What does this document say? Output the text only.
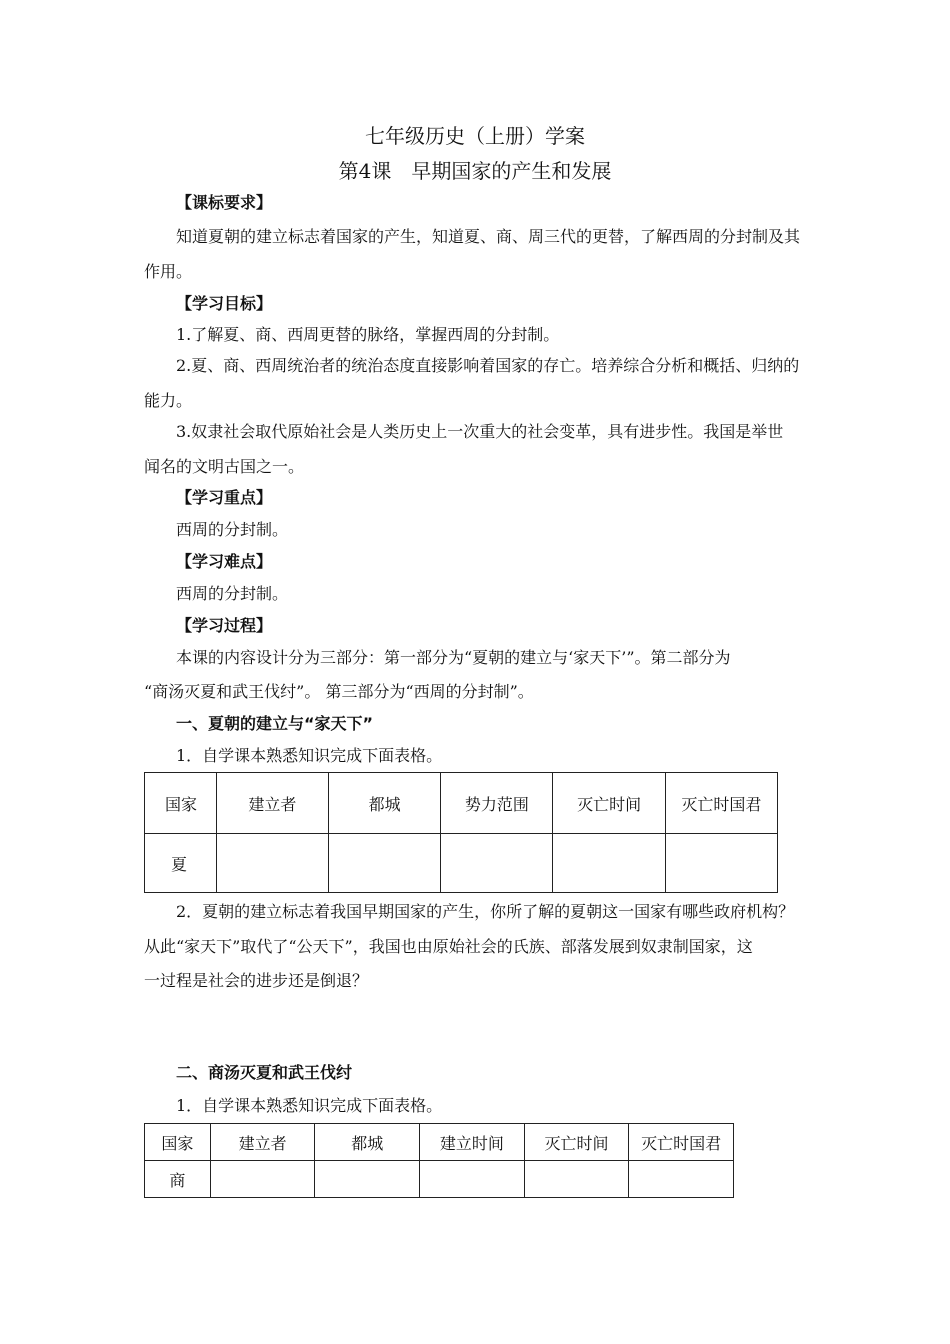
七年级历史（上册）学案
第4课　早期国家的产生和发展
【课标要求】
知道夏朝的建立标志着国家的产生，知道夏、商、周三代的更替，了解西周的分封制及其
作用。
【学习目标】
1.了解夏、商、西周更替的脉络，掌握西周的分封制。
2.夏、商、西周统治者的统治态度直接影响着国家的存亡。培养综合分析和概括、归纳的
能力。
3.奴隶社会取代原始社会是人类历史上一次重大的社会变革，具有进步性。我国是举世
闻名的文明古国之一。
【学习重点】
西周的分封制。
【学习难点】
西周的分封制。
【学习过程】
本课的内容设计分为三部分：第一部分为“夏朝的建立与‘家天下’”。第二部分为
“商汤灭夏和武王伐纣”。 第三部分为“西周的分封制”。
一、夏朝的建立与“家天下”
1．自学课本熟悉知识完成下面表格。
国家	建立者	都城	势力范围	灭亡时间	灭亡时国君
夏					
2．夏朝的建立标志着我国早期国家的产生，你所了解的夏朝这一国家有哪些政府机构？
从此“家天下”取代了“公天下”，我国也由原始社会的氏族、部落发展到奴隶制国家，这
一过程是社会的进步还是倒退？
二、商汤灭夏和武王伐纣
1．自学课本熟悉知识完成下面表格。
国家	建立者	都城	建立时间	灭亡时间	灭亡时国君
商					
